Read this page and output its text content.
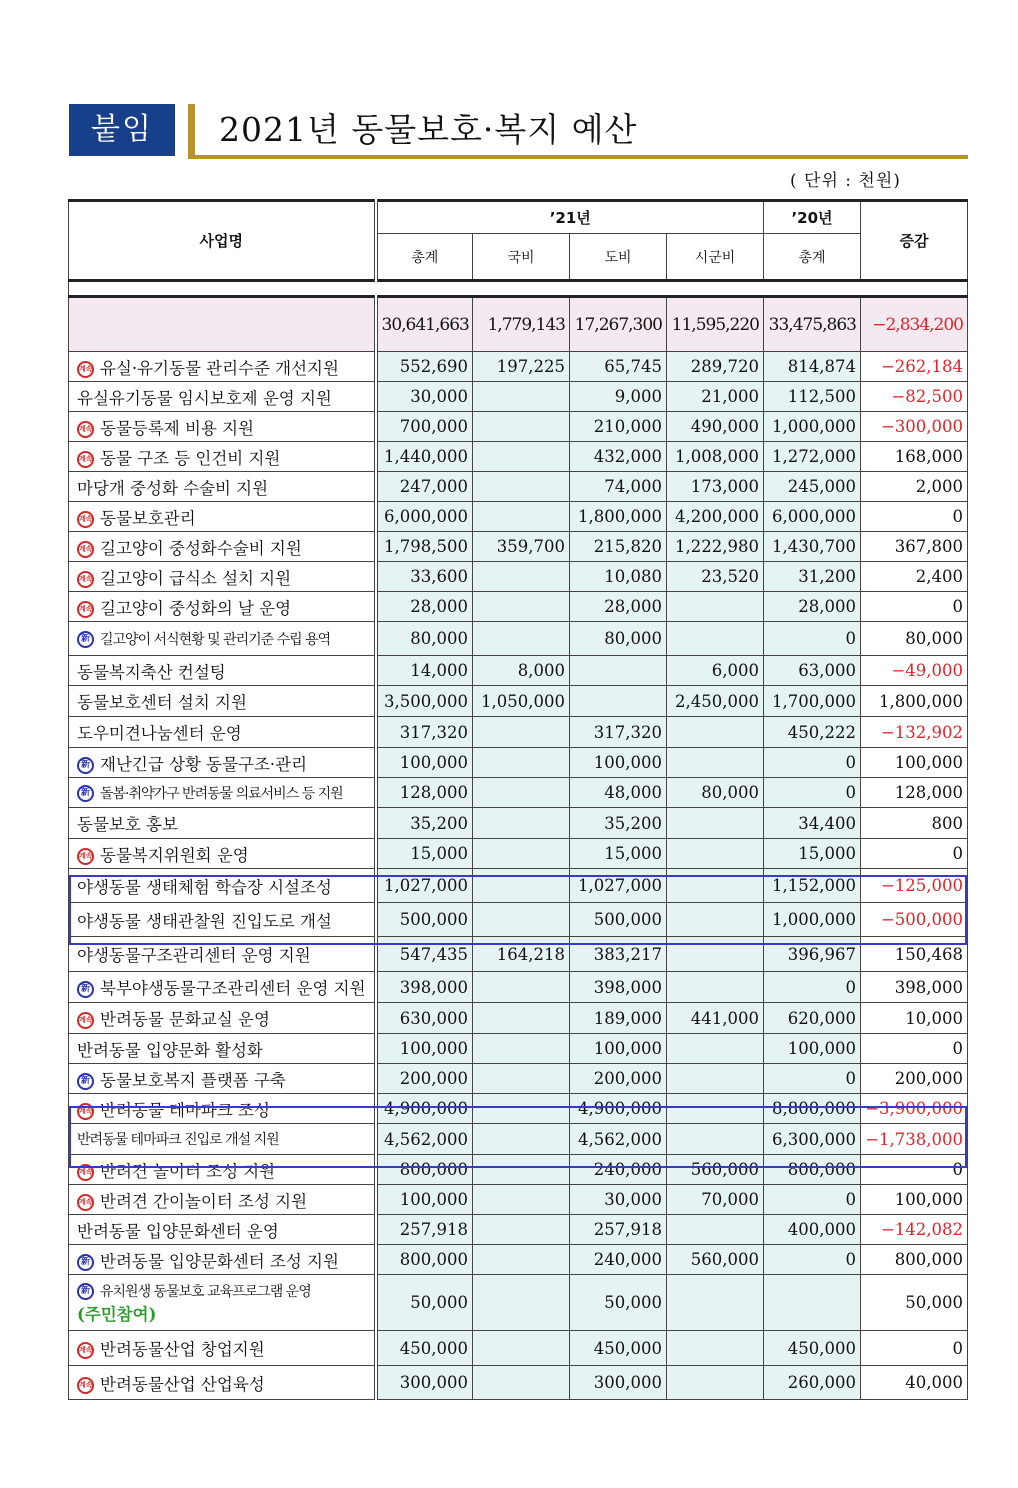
붙임	2021년 동물보호·복지 예산
( 단위 : 천원)
사업명	’21년				’20년	증감
	총계	국비	도비	시군비	총계	

	30,641,663	1,779,143	17,267,300	11,595,220	33,475,863	−2,834,200
계속 유실·유기동물 관리수준 개선지원	552,690	197,225	65,745	289,720	814,874	−262,184
유실유기동물 임시보호제 운영 지원	30,000		9,000	21,000	112,500	−82,500
계속 동물등록제 비용 지원	700,000		210,000	490,000	1,000,000	−300,000
계속 동물 구조 등 인건비 지원	1,440,000		432,000	1,008,000	1,272,000	168,000
마당개 중성화 수술비 지원	247,000		74,000	173,000	245,000	2,000
계속 동물보호관리	6,000,000		1,800,000	4,200,000	6,000,000	0
계속 길고양이 중성화수술비 지원	1,798,500	359,700	215,820	1,222,980	1,430,700	367,800
계속 길고양이 급식소 설치 지원	33,600		10,080	23,520	31,200	2,400
계속 길고양이 중성화의 날 운영	28,000		28,000		28,000	0
新 길고양이 서식현황 및 관리기준 수립 용역	80,000		80,000		0	80,000
동물복지축산 컨설팅	14,000	8,000		6,000	63,000	−49,000
동물보호센터 설치 지원	3,500,000	1,050,000		2,450,000	1,700,000	1,800,000
도우미견나눔센터 운영	317,320		317,320		450,222	−132,902
新 재난긴급 상황 동물구조·관리	100,000		100,000		0	100,000
新 돌봄·취약가구 반려동물 의료서비스 등 지원	128,000		48,000	80,000	0	128,000
동물보호 홍보	35,200		35,200		34,400	800
계속 동물복지위원회 운영	15,000		15,000		15,000	0
야생동물 생태체험 학습장 시설조성	1,027,000		1,027,000		1,152,000	−125,000
야생동물 생태관찰원 진입도로 개설	500,000		500,000		1,000,000	−500,000
야생동물구조관리센터 운영 지원	547,435	164,218	383,217		396,967	150,468
新 북부야생동물구조관리센터 운영 지원	398,000		398,000		0	398,000
계속 반려동물 문화교실 운영	630,000		189,000	441,000	620,000	10,000
반려동물 입양문화 활성화	100,000		100,000		100,000	0
新 동물보호복지 플랫폼 구축	200,000		200,000		0	200,000
계속 반려동물 테마파크 조성	4,900,000		4,900,000		8,800,000	−3,900,000
반려동물 테마파크 진입로 개설 지원	4,562,000		4,562,000		6,300,000	−1,738,000
계속 반려견 놀이터 조성 지원	800,000		240,000	560,000	800,000	0
계속 반려견 간이놀이터 조성 지원	100,000		30,000	70,000	0	100,000
반려동물 입양문화센터 운영	257,918		257,918		400,000	−142,082
新 반려동물 입양문화센터 조성 지원	800,000		240,000	560,000	0	800,000
新 유치원생 동물보호 교육프로그램 운영
(주민참여)	50,000		50,000			50,000
계속 반려동물산업 창업지원	450,000		450,000		450,000	0
계속 반려동물산업 산업육성	300,000		300,000		260,000	40,000
